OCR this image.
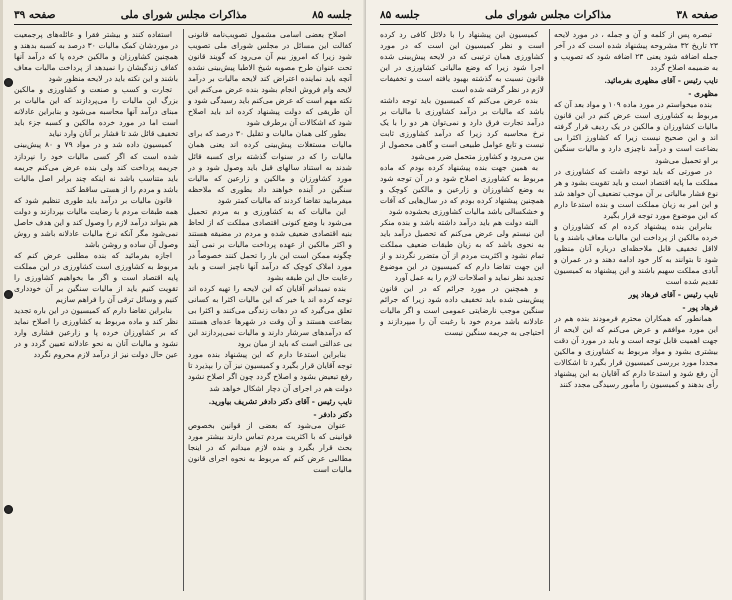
جلسه ۸۵
مذاکرات مجلس شورای ملی
صفحه ۳۹

اصلاح بعضی اسامی مشمول تصویب‌نامه قانونی کفالت این مسائل در مجلس شورای ملی تصویب شود زیرا که امروز بیم آن می‌رود که گویند قانون تحت عنوان طرح مصوبه شیخ الاطبا پیش‌بینی نشده آنچه باید نماینده اعتراض کند لایحه مالیات بر درآمد لایحه وام فروش انجام بشود بنده عرض می‌کنم این نکته مهم است که عرض می‌کنم باید رسیدگی شود و آن طریقی که دولت پیشنهاد کرده اند باید اصلاح شود که اشکالات آن برطرف شود

بطور کلی همان مالیات و تقلیل ۳۰ درصد که برای مالیات مستغلات پیش‌بینی کرده اند یعنی همان مالیات را که در سنوات گذشته برای کسبه قائل شدند به استناد سالهای قبل باید وصول شود و در مورد کشاورزان و مالکین و زارعین که مالیات سنگین در آینده خواهند داد بطوری که ملاحظه میفرمایید تقاضا کردند که مالیات کمتر شود

این مالیات که به کشاورزی و به مردم تحمیل می‌شود با وضع کنونی اقتصادی مملکت که از لحاظ بنیه اقتصادی ضعیف شده و مردم در مضیقه هستند و اکثر مالکین از عهده پرداخت مالیات بر نمی آیند چگونه ممکن است این بار را تحمل کنند خصوصاً در مورد املاک کوچک که درآمد آنها ناچیز است و باید رعایت حال این طبقه بشود

بنده نمیدانم آقایان که این لایحه را تهیه کرده اند توجه کرده اند یا خیر که این مالیات اکثرا به کسانی تعلق می‌گیرد که در دهات زندگی می‌کنند و اکثرا بی بضاعت هستند و آن وقت در شهرها عده‌ای هستند که درآمدهای سرشار دارند و مالیات نمی‌پردازند این بی عدالتی است که باید از میان برود

بنابراین استدعا دارم که این پیشنهاد بنده مورد توجه آقایان قرار بگیرد و کمیسیون نیز آن را بپذیرد تا رفع تبعیض بشود و اصلاح گردد چون اگر اصلاح نشود دولت هم در اجرای آن دچار اشکال خواهد شد

نایب رئیس - آقای دکتر دادفر تشریف بیاورید.
دکتر دادفر -

عنوان می‌شود که بعضی از قوانین بخصوص قوانینی که با اکثریت مردم تماس دارند بیشتر مورد بحث قرار بگیرد و بنده لازم میدانم که در اینجا مطالبی عرض کنم که مربوط به نحوه اجرای قانون مالیات است

استفاده کنند و بیشتر فقرا و عائله‌های پرجمعیت در موردشان کمک مالیات ۳۰ درصد به کسبه بدهند و همچنین کشاورزان و مالکین خرده پا که درآمد آنها کفاف زندگیشان را نمیدهد از پرداخت مالیات معاف باشند و این نکته باید در لایحه منظور شود

تجارت و کسب و صنعت و کشاورزی و مالکین بزرگ این مالیات را می‌پردازند که این مالیات بر مبنای درآمد آنها محاسبه می‌شود و بنابراین عادلانه است اما در مورد خرده مالکین و کسبه جزء باید تخفیف قائل شد تا فشار بر آنان وارد نیاید

کمیسیون داده شد و در مواد ۷۹ و ۸۰ پیش‌بینی شده است که اگر کسی مالیات خود را نپردازد جریمه پرداخت کند ولی بنده عرض می‌کنم جریمه باید متناسب باشد نه اینکه چند برابر اصل مالیات باشد و مردم را از هستی ساقط کند

قانون مالیات بر درآمد باید طوری تنظیم شود که همه طبقات مردم با رضایت مالیات بپردازند و دولت هم بتواند درآمد لازم را وصول کند و این هدف حاصل نمی‌شود مگر آنکه نرخ مالیات عادلانه باشد و روش وصول آن ساده و روشن باشد

اجازه بفرمائید که بنده مطلبی عرض کنم که مربوط به کشاورزی است کشاورزی در این مملکت پایه اقتصاد است و اگر ما بخواهیم کشاورزی را تقویت کنیم باید از مالیات سنگین بر آن خودداری کنیم و وسائل ترقی آن را فراهم سازیم

بنابراین تقاضا دارم که کمیسیون در این باره تجدید نظر کند و ماده مربوط به کشاورزی را اصلاح نماید که بر کشاورزان خرده پا و زارعین فشاری وارد نشود و مالیات آنان به نحو عادلانه تعیین گردد و در عین حال دولت نیز از درآمد لازم محروم نگردد

صفحه ۳۸
مذاکرات مجلس شورای ملی
جلسه ۸۵

تبصره پس از کلمه و آن و جمله ، در مورد لایحه ۲۳ تاریخ ۳۲ مشروحه پیشنهاد شده است که در آخر جمله اضافه شود یعنی ۲۳ اضافه شود که تصویب و به ضمیمه اصلاح گردد

نایب رئیس - آقای مظهری بفرمائید.
مظهری -

بنده میخواستم در مورد ماده ۱۰۹ و مواد بعد آن که مربوط به کشاورزی است عرض کنم در این قانون مالیات کشاورزان و مالکین در یک ردیف قرار گرفته اند و این صحیح نیست زیرا که کشاورز اکثرا بی بضاعت است و درآمد ناچیزی دارد و مالیات سنگین بر او تحمیل می‌شود

در صورتی که باید توجه داشت که کشاورزی در مملکت ما پایه اقتصاد است و باید تقویت بشود و هر نوع فشار مالیاتی بر آن موجب تضعیف آن خواهد شد و این امر به زیان مملکت است و بنده استدعا دارم که این موضوع مورد توجه قرار بگیرد

بنابراین بنده پیشنهاد کرده ام که کشاورزان و خرده مالکین از پرداخت این مالیات معاف باشند و یا لااقل تخفیف قابل ملاحظه‌ای درباره آنان منظور شود تا بتوانند به کار خود ادامه دهند و در عمران و آبادی مملکت سهیم باشند و این پیشنهاد به کمیسیون تقدیم شده است

نایب رئیس - آقای فرهاد پور
فرهاد پور -

همانطور که همکاران محترم فرمودند بنده هم در این مورد موافقم و عرض می‌کنم که این لایحه از جهت اهمیت قابل توجه است و باید در مورد آن دقت بیشتری بشود و مواد مربوط به کشاورزی و مالکین مجددا مورد بررسی کمیسیون قرار بگیرد تا اشکالات آن رفع شود و استدعا دارم که آقایان به این پیشنهاد رأی بدهند و کمیسیون را مأمور رسیدگی مجدد کنند

کمیسیون این پیشنهاد را با دلائل کافی رد کرده است و نظر کمیسیون این است که در مورد کشاورزی همان ترتیبی که در لایحه پیش‌بینی شده اجرا شود زیرا که وضع مالیاتی کشاورزی در این قانون نسبت به گذشته بهبود یافته است و تخفیفات لازم در نظر گرفته شده است

بنده عرض می‌کنم که کمیسیون باید توجه داشته باشد که مالیات بر درآمد کشاورزی با مالیات بر درآمد تجارت فرق دارد و نمی‌توان هر دو را با یک نرخ محاسبه کرد زیرا که درآمد کشاورزی ثابت نیست و تابع عوامل طبیعی است و گاهی محصول از بین می‌رود و کشاورز متحمل ضرر می‌شود

به همین جهت بنده پیشنهاد کرده بودم که ماده مربوط به کشاورزی اصلاح شود و در آن توجه شود به وضع کشاورزان و زارعین و مالکین کوچک و همچنین پیشنهاد کرده بودم که در سال‌هایی که آفات و خشکسالی باشد مالیات کشاورزی بخشوده شود

البته دولت هم باید درآمد داشته باشد و بنده منکر این نیستم ولی عرض می‌کنم که تحصیل درآمد باید به نحوی باشد که به زیان طبقات ضعیف مملکت تمام نشود و اکثریت مردم از آن متضرر نگردند و از این جهت تقاضا دارم که کمیسیون در این موضوع تجدید نظر نماید و اصلاحات لازم را به عمل آورد

و همچنین در مورد جرائم که در این قانون پیش‌بینی شده باید تخفیف داده شود زیرا که جرائم سنگین موجب نارضایتی عمومی است و اگر مالیات عادلانه باشد مردم خود با رغبت آن را میپردازند و احتیاجی به جریمه سنگین نیست
